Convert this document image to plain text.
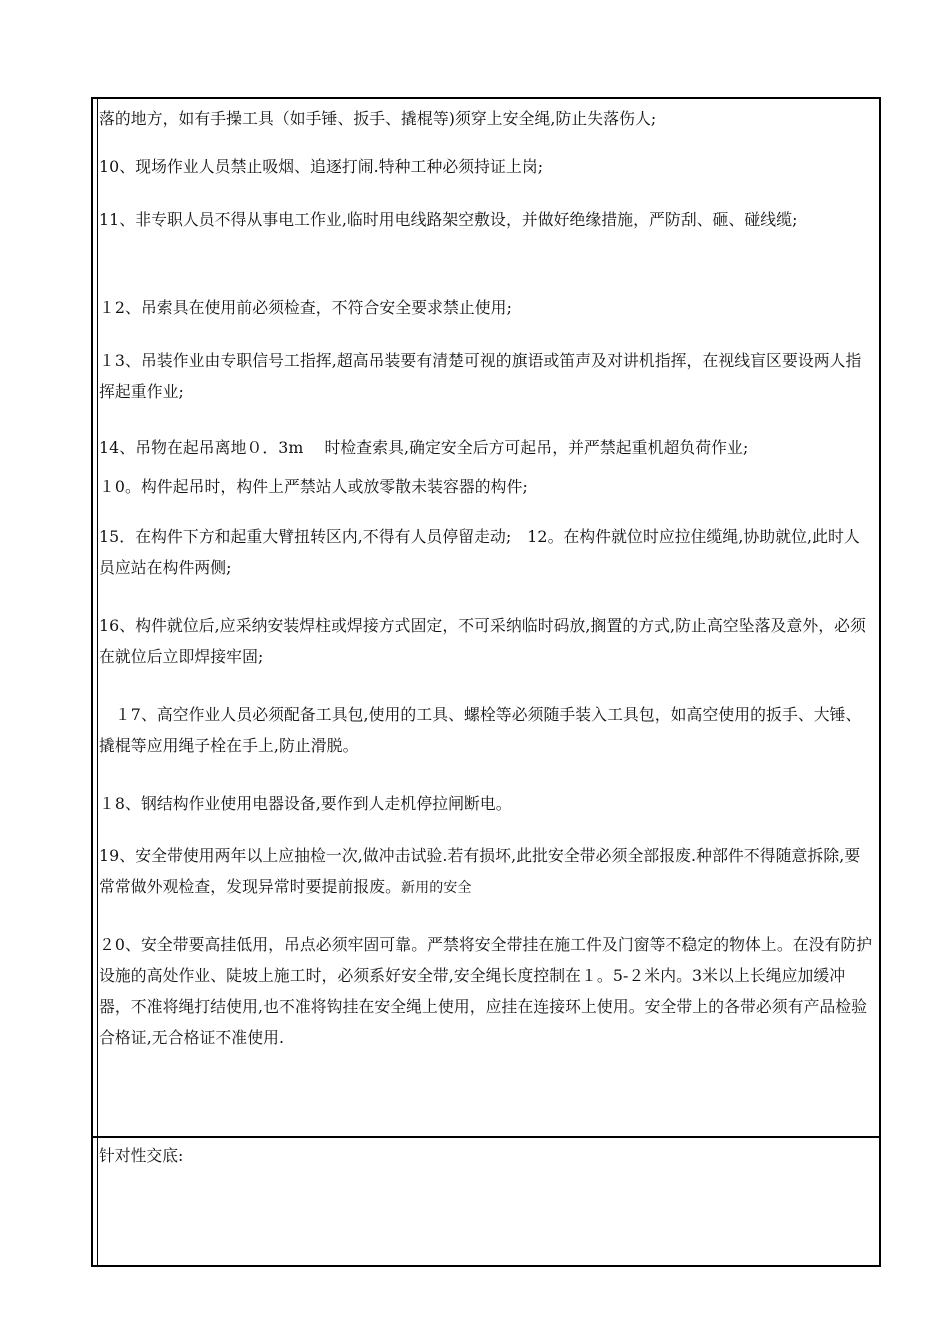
落的地方，如有手操工具（如手锤、扳手、撬棍等)须穿上安全绳,防止失落伤人;
10、现场作业人员禁止吸烟、追逐打闹.特种工种必须持证上岗;
11、非专职人员不得从事电工作业,临时用电线路架空敷设，并做好绝缘措施，严防刮、砸、碰线缆;
１2、吊索具在使用前必须检查，不符合安全要求禁止使用;
１3、吊装作业由专职信号工指挥,超高吊装要有清楚可视的旗语或笛声及对讲机指挥，在视线盲区要设两人指挥起重作业;
14、吊物在起吊离地０．3m　 时检查索具,确定安全后方可起吊，并严禁起重机超负荷作业;
１0。构件起吊时，构件上严禁站人或放零散未装容器的构件;
15．在构件下方和起重大臂扭转区内,不得有人员停留走动;　12。在构件就位时应拉住缆绳,协助就位,此时人员应站在构件两侧;
16、构件就位后,应采纳安装焊柱或焊接方式固定，不可采纳临时码放,搁置的方式,防止高空坠落及意外，必须在就位后立即焊接牢固;
　１7、高空作业人员必须配备工具包,使用的工具、螺栓等必须随手装入工具包，如高空使用的扳手、大锤、撬棍等应用绳子栓在手上,防止滑脱。
１8、钢结构作业使用电器设备,要作到人走机停拉闸断电。
19、安全带使用两年以上应抽检一次,做冲击试验.若有损坏,此批安全带必须全部报废.种部件不得随意拆除,要常常做外观检查，发现异常时要提前报废。新用的安全
２0、安全带要高挂低用，吊点必须牢固可靠。严禁将安全带挂在施工件及门窗等不稳定的物体上。在没有防护设施的高处作业、陡坡上施工时，必须系好安全带,安全绳长度控制在１。5-２米内。3米以上长绳应加缓冲器，不准将绳打结使用,也不准将钩挂在安全绳上使用，应挂在连接环上使用。安全带上的各带必须有产品检验合格证,无合格证不准使用.
针对性交底:
